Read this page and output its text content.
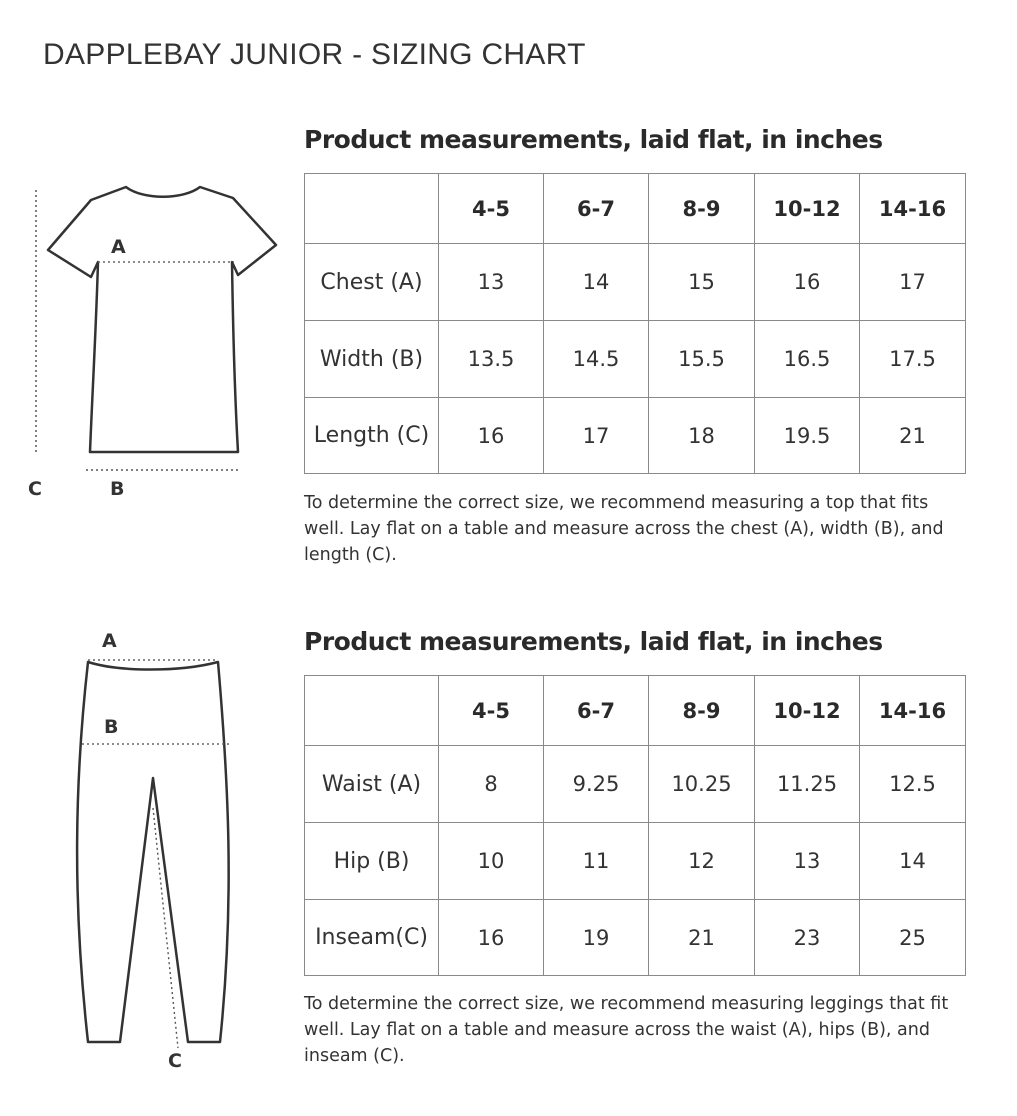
DAPPLEBAY JUNIOR - SIZING CHART
A
B
C
Product measurements, laid flat, in inches
	4-5	6-7	8-9	10-12	14-16
Chest (A)	13	14	15	16	17
Width (B)	13.5	14.5	15.5	16.5	17.5
Length (C)	16	17	18	19.5	21
To determine the correct size, we recommend measuring a top that fits well. Lay flat on a table and measure across the chest (A), width (B), and length (C).
A
B
C
Product measurements, laid flat, in inches
	4-5	6-7	8-9	10-12	14-16
Waist (A)	8	9.25	10.25	11.25	12.5
Hip (B)	10	11	12	13	14
Inseam(C)	16	19	21	23	25
To determine the correct size, we recommend measuring leggings that fit well. Lay flat on a table and measure across the waist (A), hips (B), and inseam (C).
